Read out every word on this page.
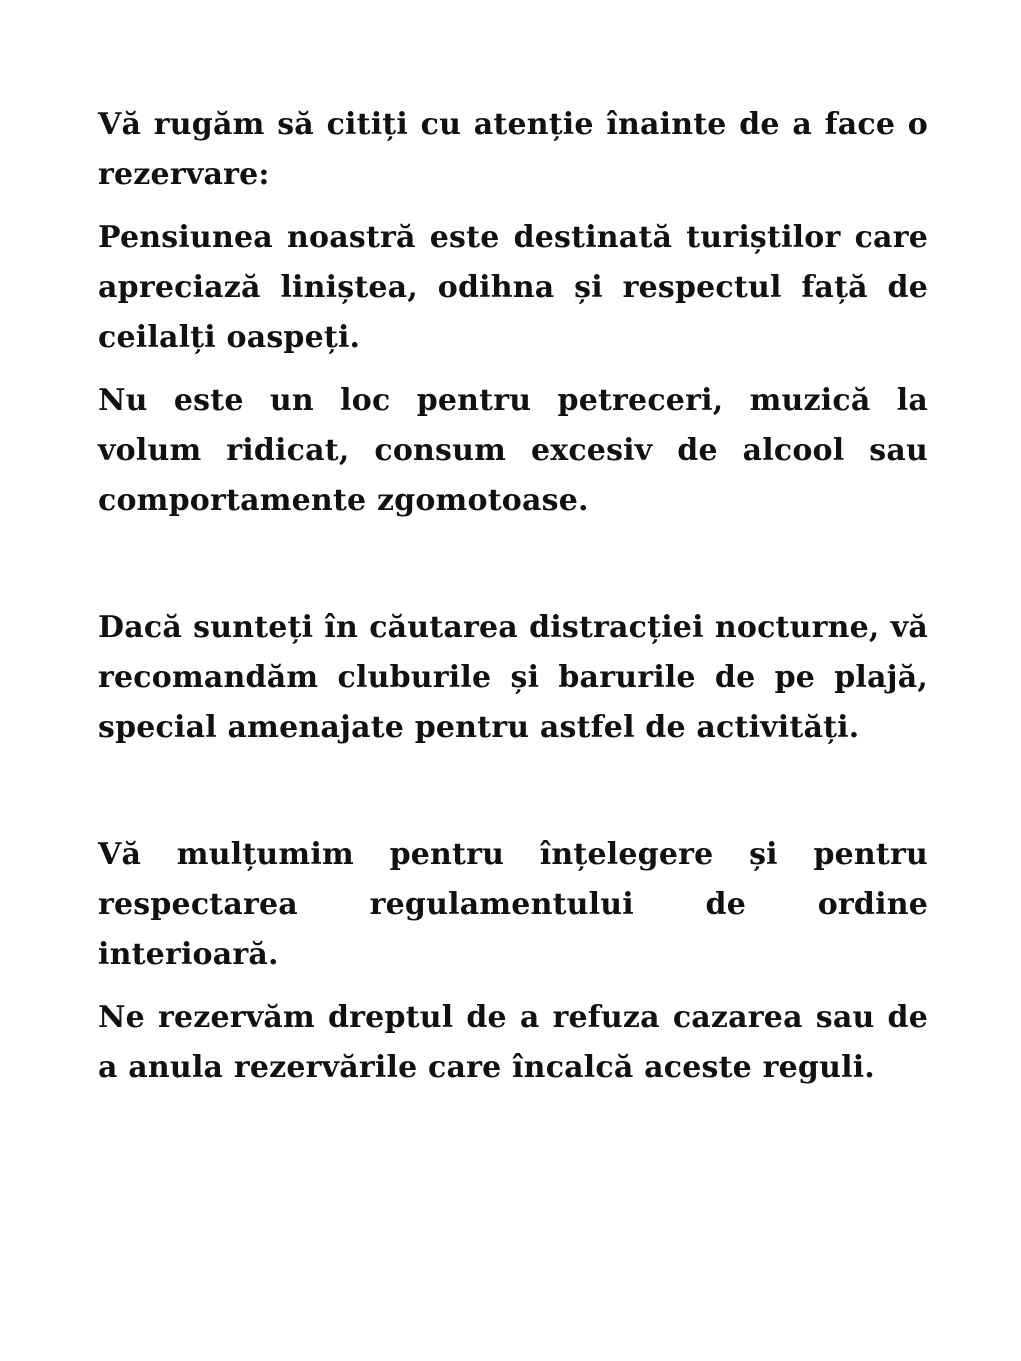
Vă rugăm să citiți cu atenție înainte de a face o rezervare:

Pensiunea noastră este destinată turiștilor care apreciază liniștea, odihna și respectul față de ceilalți oaspeți.

Nu este un loc pentru petreceri, muzică la volum ridicat, consum excesiv de alcool sau comportamente zgomotoase.

Dacă sunteți în căutarea distracției nocturne, vă recomandăm cluburile și barurile de pe plajă, special amenajate pentru astfel de activități.

Vă mulțumim pentru înțelegere și pentru respectarea regulamentului de ordine interioară.

Ne rezervăm dreptul de a refuza cazarea sau de a anula rezervările care încalcă aceste reguli.
